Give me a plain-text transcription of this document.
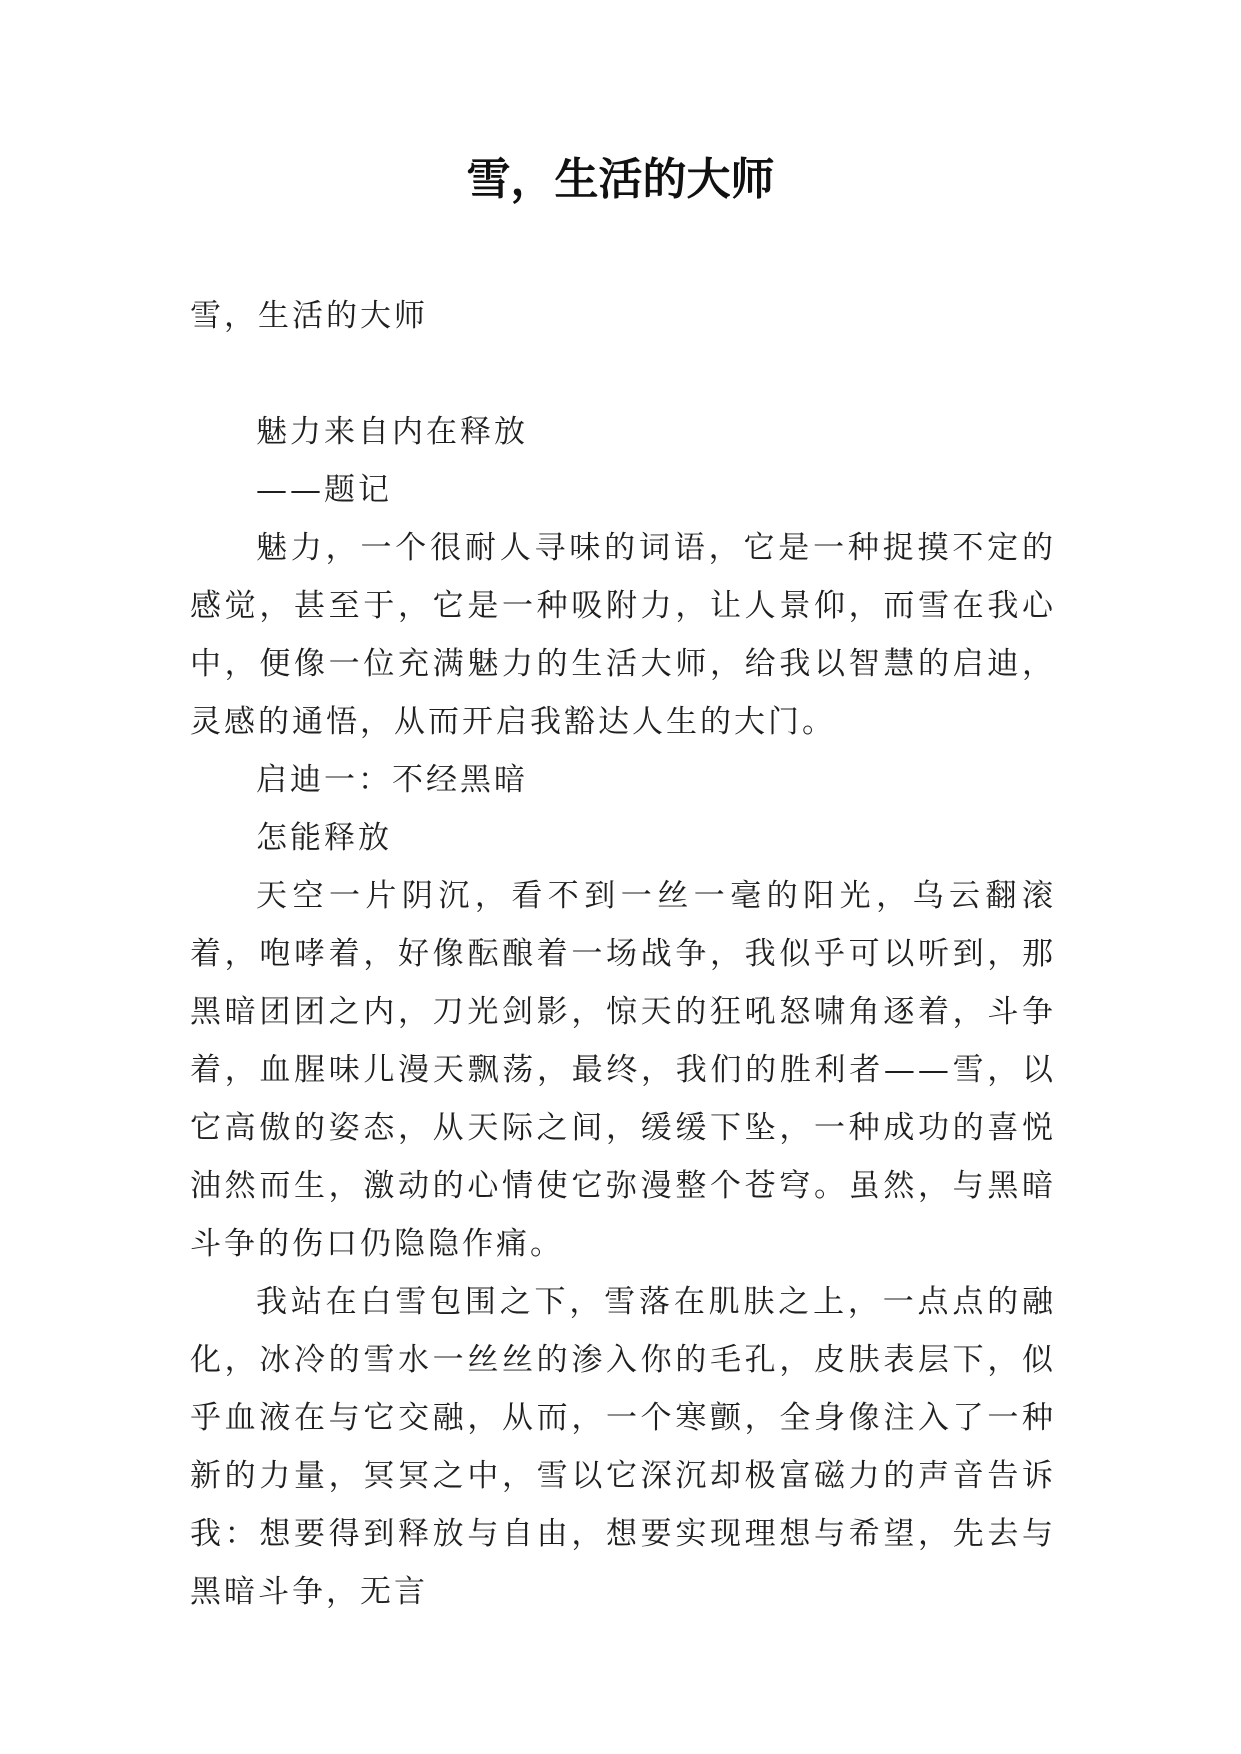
雪，生活的大师

雪，生活的大师

魅力来自内在释放

——题记

魅力，一个很耐人寻味的词语，它是一种捉摸不定的感觉，甚至于，它是一种吸附力，让人景仰，而雪在我心中，便像一位充满魅力的生活大师，给我以智慧的启迪，灵感的通悟，从而开启我豁达人生的大门。

启迪一：不经黑暗

怎能释放

天空一片阴沉，看不到一丝一毫的阳光，乌云翻滚着，咆哮着，好像酝酿着一场战争，我似乎可以听到，那黑暗团团之内，刀光剑影，惊天的狂吼怒啸角逐着，斗争着，血腥味儿漫天飘荡，最终，我们的胜利者——雪，以它高傲的姿态，从天际之间，缓缓下坠，一种成功的喜悦油然而生，激动的心情使它弥漫整个苍穹。虽然，与黑暗斗争的伤口仍隐隐作痛。

我站在白雪包围之下，雪落在肌肤之上，一点点的融化，冰冷的雪水一丝丝的渗入你的毛孔，皮肤表层下，似乎血液在与它交融，从而，一个寒颤，全身像注入了一种新的力量，冥冥之中，雪以它深沉却极富磁力的声音告诉我：想要得到释放与自由，想要实现理想与希望，先去与黑暗斗争，无言
